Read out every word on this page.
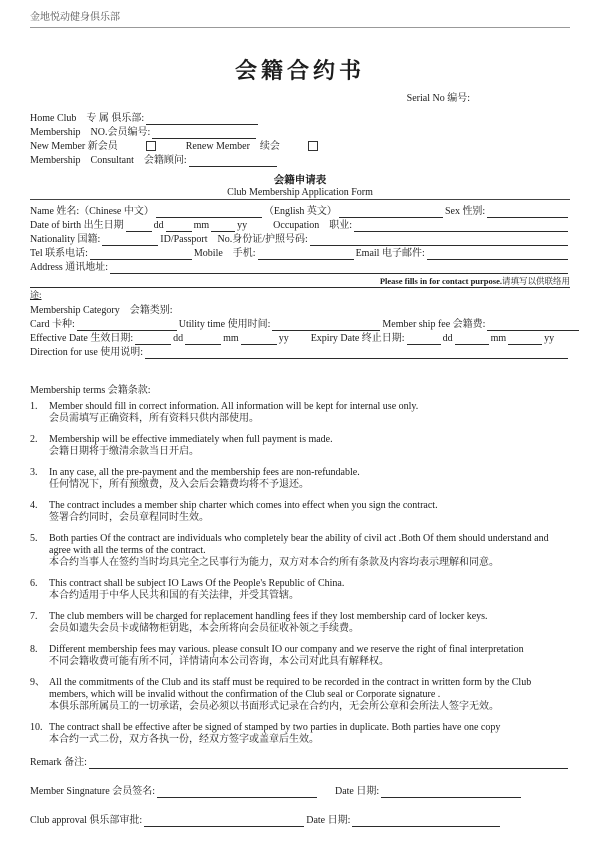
金地悦动健身俱乐部
会籍合约书
Serial No 编号:
Home Club　专 属 俱乐部:
Membership　NO.会员编号:
New Member 新会员	Renew Member　续会
Membership　Consultant　会籍顾问:
会籍申请表
Club Membership Application Form
Name 姓名: （Chinese 中文）	（English 英文）	Sex 性别:
Date of birth 出生日期	dd	mm	yy	Occupation　职业:
Nationality 国籍:	ID/Passport　No.身份证/护照号码:
Tel 联系电话:	Mobile　手机:	Email 电子邮件:
Address 通讯地址:
Please fills in for contact purpose. 请填写以供联络用
途:
Membership Category　会籍类别:
Card 卡种:	Utility time 使用时间:	Member ship fee 会籍费:
Effective Date 生效日期:	dd	mm	yy Expiry Date 终止日期:	dd	mm	yy
Direction for use 使用说明:
Membership terms 会籍条款:
1.	Member should fill in correct information. All information will be kept for internal use only.
会员需填写正确资料，所有资料只供内部使用。
2.	Membership will be effective immediately when full payment is made.
会籍日期将于缴清余款当日开启。
3.	In any case, all the pre-payment and the membership fees are non-refundable.
任何情况下，所有预缴费，及入会后会籍费均将不予退还。
4.	The contract includes a member ship charter which comes into effect when you sign the contract.
签署合约同时，会员章程同时生效。
5.	Both parties Of the contract are individuals who completely bear the ability of civil act .Both Of them should understand and agree with all the terms of the contract.
本合约当事人在签约当时均具完全之民事行为能力，双方对本合约所有条款及内容均表示理解和同意。
6.	This contract shall be subject IO Laws Of the People's Republic of China.
本合约适用于中华人民共和国的有关法律，并受其管辖。
7.	The club members will be charged for replacement handling fees if they lost membership card of locker keys.
会员如遗失会员卡或储物柜钥匙，本会所将向会员征收补领之手续费。
8.	Different membership fees may various. please consult IO our company and we reserve the right of final interpretation
不同会籍收费可能有所不同，详情请向本公司咨询，本公司对此具有解释权。
9、 All the commitments of the Club and its staff must be required to be recorded in the contract in written form by the Club members, which will be invalid without the confirmation of the Club seal or Corporate signature .
本俱乐部所属员工的一切承诺，会员必须以书面形式记录在合约内，无会所公章和会所法人签字无效。
10. The contract shall be effective after be signed of stamped by two parties in duplicate. Both parties have one copy
本合约一式二份，双方各执一份，经双方签字或盖章后生效。
Remark 备注:
Member Singnature 会员签名:	Date 日期:
Club approval 俱乐部审批:	Date 日期:
